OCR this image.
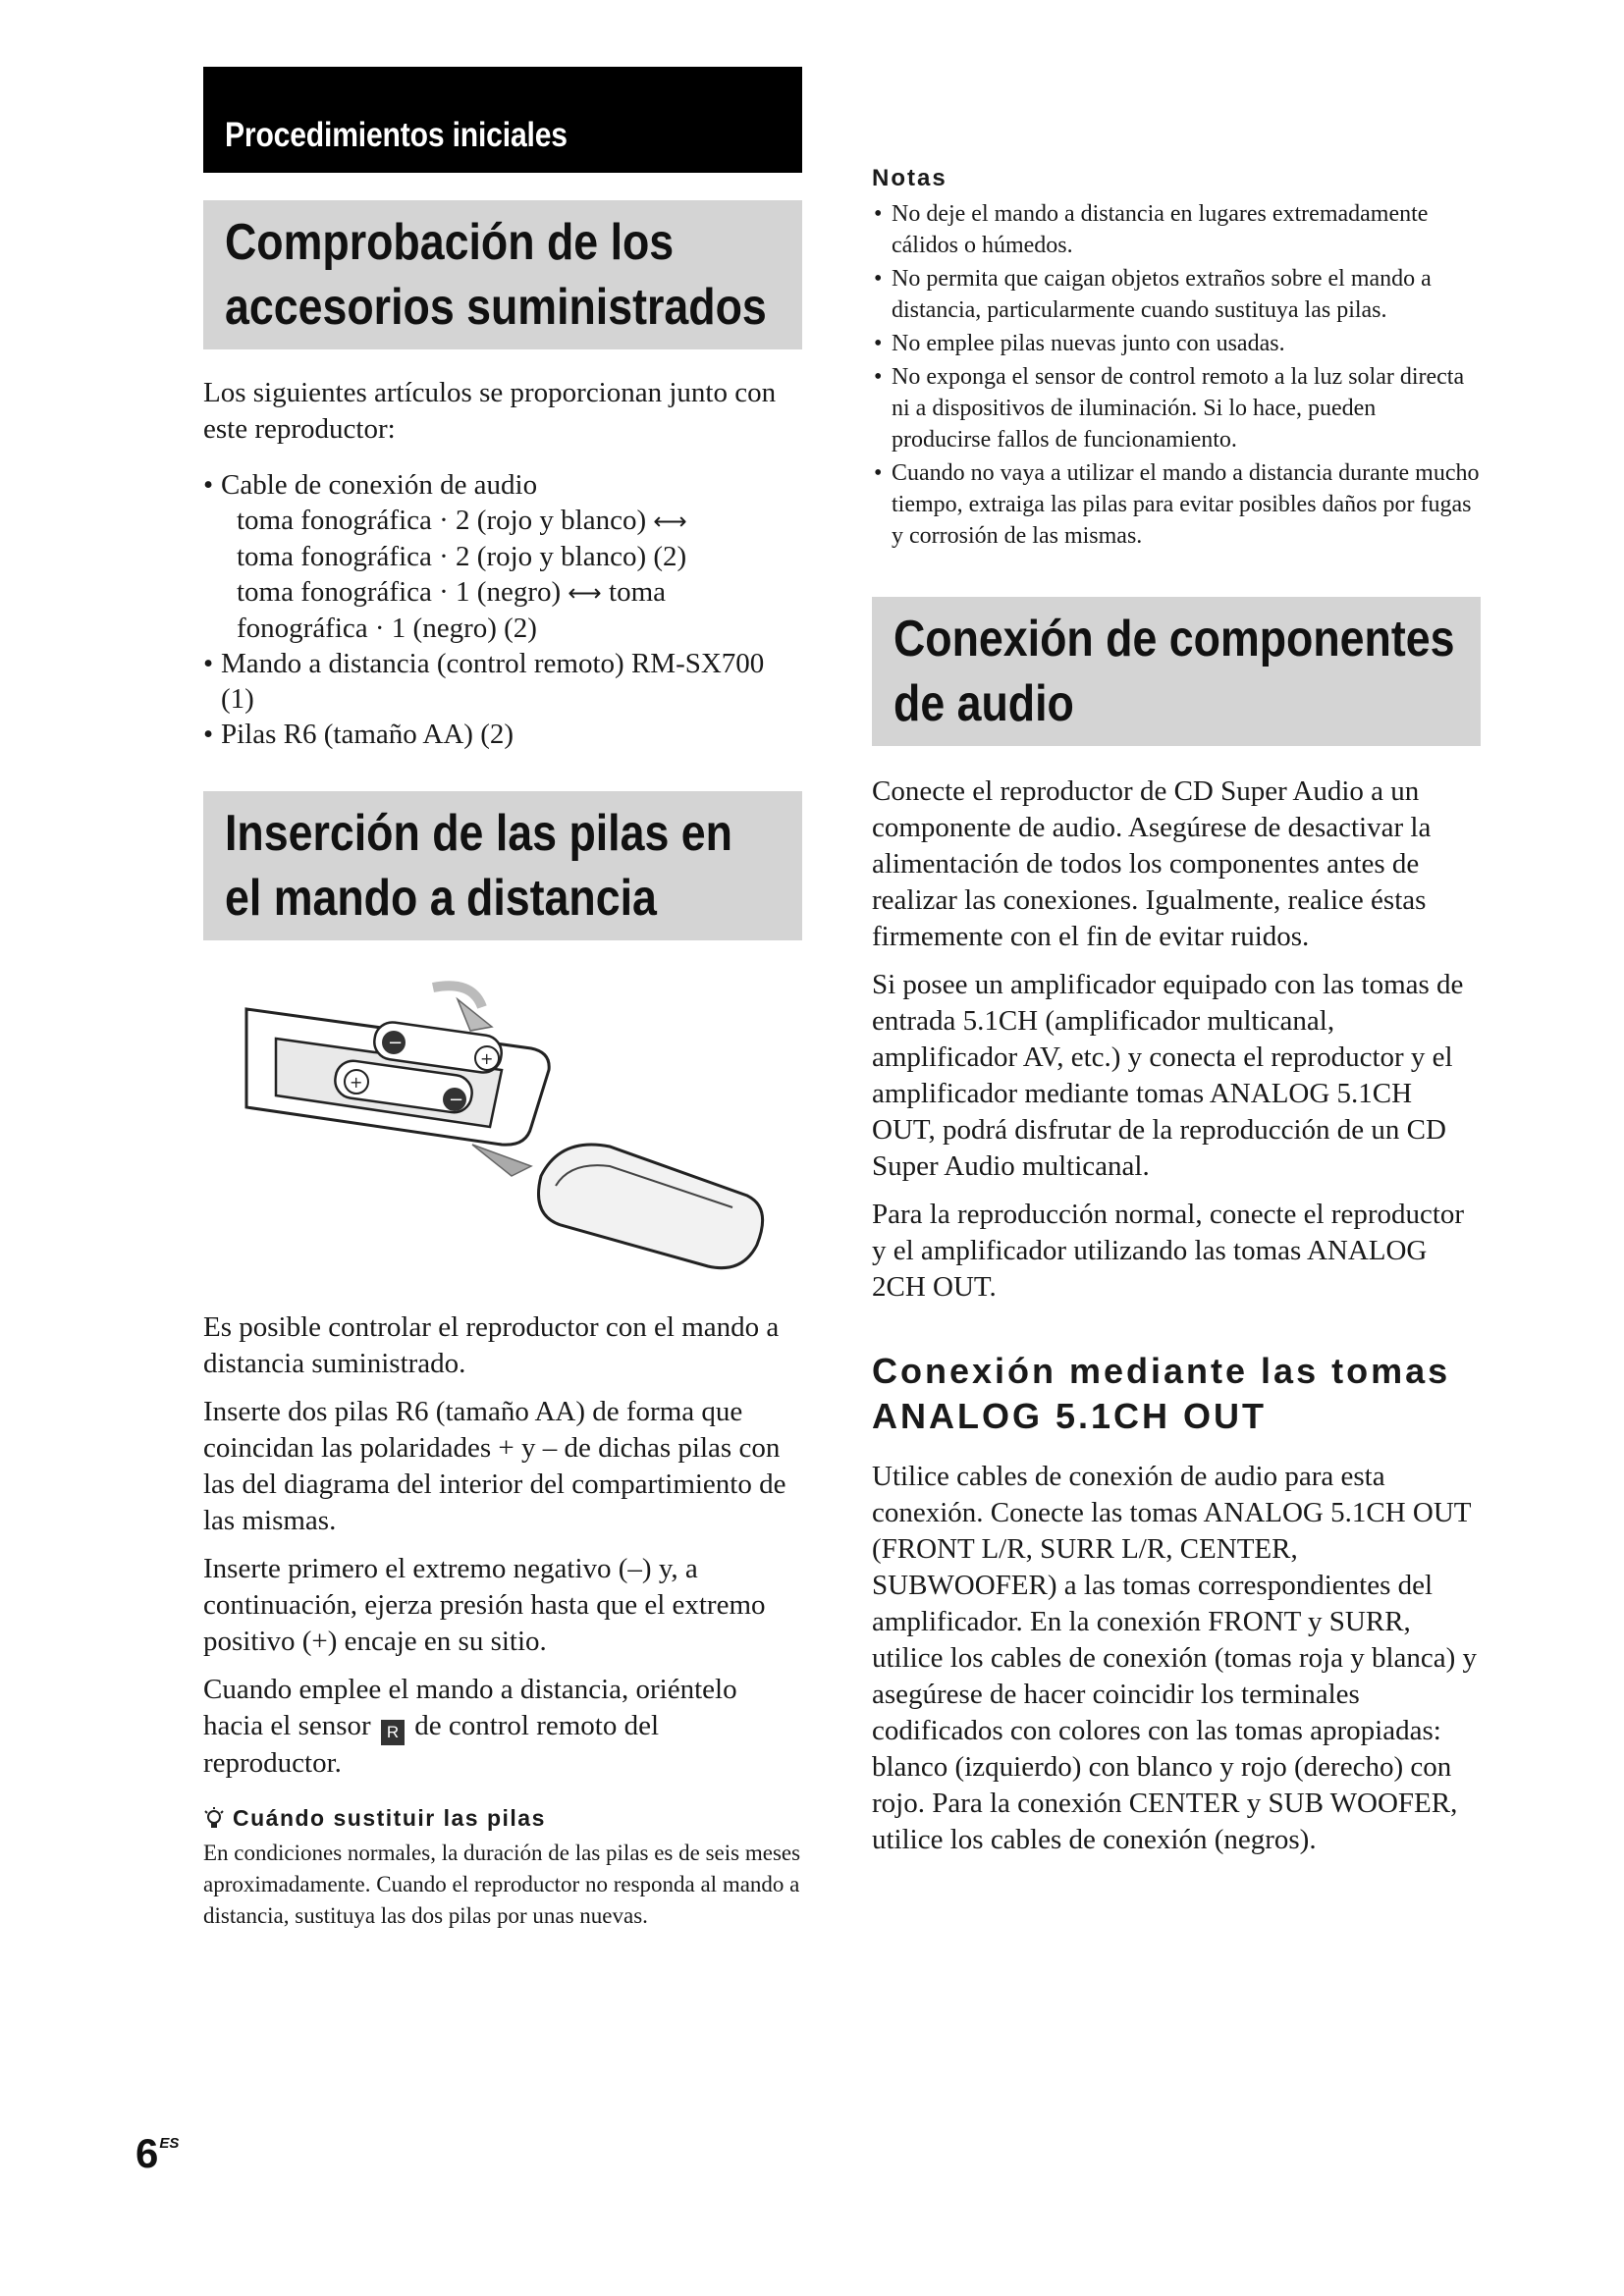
Procedimientos iniciales
Comprobación de los
accesorios suministrados

Los siguientes artículos se proporcionan junto con este reproductor:

• Cable de conexión de audio
toma fonográfica · 2 (rojo y blanco) ⟷
toma fonográfica · 2 (rojo y blanco) (2)
toma fonográfica · 1 (negro) ⟷ toma
fonográfica · 1 (negro) (2)
• Mando a distancia (control remoto) RM-SX700 (1)
• Pilas R6 (tamaño AA) (2)
Inserción de las pilas en
el mando a distancia
−
+
+
−

Es posible controlar el reproductor con el mando a distancia suministrado.

Inserte dos pilas R6 (tamaño AA) de forma que coincidan las polaridades + y – de dichas pilas con las del diagrama del interior del compartimiento de las mismas.

Inserte primero el extremo negativo (–) y, a continuación, ejerza presión hasta que el extremo positivo (+) encaje en su sitio.

Cuando emplee el mando a distancia, oriéntelo hacia el sensor R de control remoto del reproductor.

Cuándo sustituir las pilas

En condiciones normales, la duración de las pilas es de seis meses aproximadamente. Cuando el reproductor no responda al mando a distancia, sustituya las dos pilas por unas nuevas.

Notas

• No deje el mando a distancia en lugares extremadamente cálidos o húmedos.
• No permita que caigan objetos extraños sobre el mando a distancia, particularmente cuando sustituya las pilas.
• No emplee pilas nuevas junto con usadas.
• No exponga el sensor de control remoto a la luz solar directa ni a dispositivos de iluminación. Si lo hace, pueden producirse fallos de funcionamiento.
• Cuando no vaya a utilizar el mando a distancia durante mucho tiempo, extraiga las pilas para evitar posibles daños por fugas y corrosión de las mismas.
Conexión de componentes
de audio

Conecte el reproductor de CD Super Audio a un componente de audio. Asegúrese de desactivar la alimentación de todos los componentes antes de realizar las conexiones. Igualmente, realice éstas firmemente con el fin de evitar ruidos.

Si posee un amplificador equipado con las tomas de entrada 5.1CH (amplificador multicanal, amplificador AV, etc.) y conecta el reproductor y el amplificador mediante tomas ANALOG 5.1CH OUT, podrá disfrutar de la reproducción de un CD Super Audio multicanal.

Para la reproducción normal, conecte el reproductor y el amplificador utilizando las tomas ANALOG 2CH OUT.

Conexión mediante las tomas

ANALOG 5.1CH OUT

Utilice cables de conexión de audio para esta conexión. Conecte las tomas ANALOG 5.1CH OUT (FRONT L/R, SURR L/R, CENTER, SUBWOOFER) a las tomas correspondientes del amplificador. En la conexión FRONT y SURR, utilice los cables de conexión (tomas roja y blanca) y asegúrese de hacer coincidir los terminales codificados con colores con las tomas apropiadas: blanco (izquierdo) con blanco y rojo (derecho) con rojo. Para la conexión CENTER y SUB WOOFER, utilice los cables de conexión (negros).

$6^{ES}$
